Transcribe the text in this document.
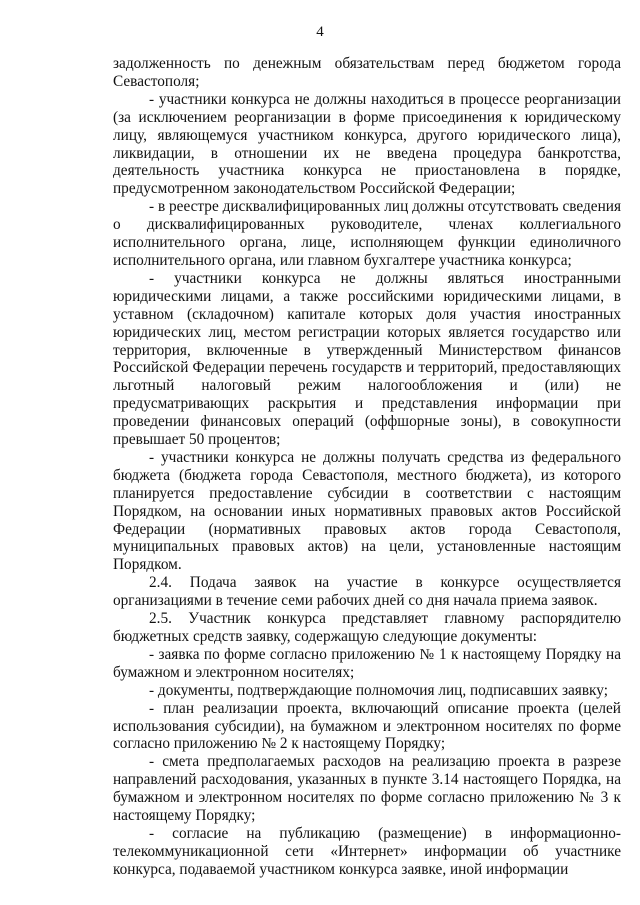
4

задолженность по денежным обязательствам перед бюджетом города Севастополя;

- участники конкурса не должны находиться в процессе реорганизации (за исключением реорганизации в форме присоединения к юридическому лицу, являющемуся участником конкурса, другого юридического лица), ликвидации, в отношении их не введена процедура банкротства, деятельность участника конкурса не приостановлена в порядке, предусмотренном законодательством Российской Федерации;

- в реестре дисквалифицированных лиц должны отсутствовать сведения о дисквалифицированных руководителе, членах коллегиального исполнительного органа, лице, исполняющем функции единоличного исполнительного органа, или главном бухгалтере участника конкурса;

- участники конкурса не должны являться иностранными юридическими лицами, а также российскими юридическими лицами, в уставном (складочном) капитале которых доля участия иностранных юридических лиц, местом регистрации которых является государство или территория, включенные в утвержденный Министерством финансов Российской Федерации перечень государств и территорий, предоставляющих льготный налоговый режим налогообложения и (или) не предусматривающих раскрытия и представления информации при проведении финансовых операций (оффшорные зоны), в совокупности превышает 50 процентов;

- участники конкурса не должны получать средства из федерального бюджета (бюджета города Севастополя, местного бюджета), из которого планируется предоставление субсидии в соответствии с настоящим Порядком, на основании иных нормативных правовых актов Российской Федерации (нормативных правовых актов города Севастополя, муниципальных правовых актов) на цели, установленные настоящим Порядком.

2.4. Подача заявок на участие в конкурсе осуществляется организациями в течение семи рабочих дней со дня начала приема заявок.

2.5. Участник конкурса представляет главному распорядителю бюджетных средств заявку, содержащую следующие документы:

- заявка по форме согласно приложению № 1 к настоящему Порядку на бумажном и электронном носителях;

- документы, подтверждающие полномочия лиц, подписавших заявку;

- план реализации проекта, включающий описание проекта (целей использования субсидии), на бумажном и электронном носителях по форме согласно приложению № 2 к настоящему Порядку;

- смета предполагаемых расходов на реализацию проекта в разрезе направлений расходования, указанных в пункте 3.14 настоящего Порядка, на бумажном и электронном носителях по форме согласно приложению № 3 к настоящему Порядку;

- согласие на публикацию (размещение) в информационно-телекоммуникационной сети «Интернет» информации об участнике конкурса, подаваемой участником конкурса заявке, иной информации
